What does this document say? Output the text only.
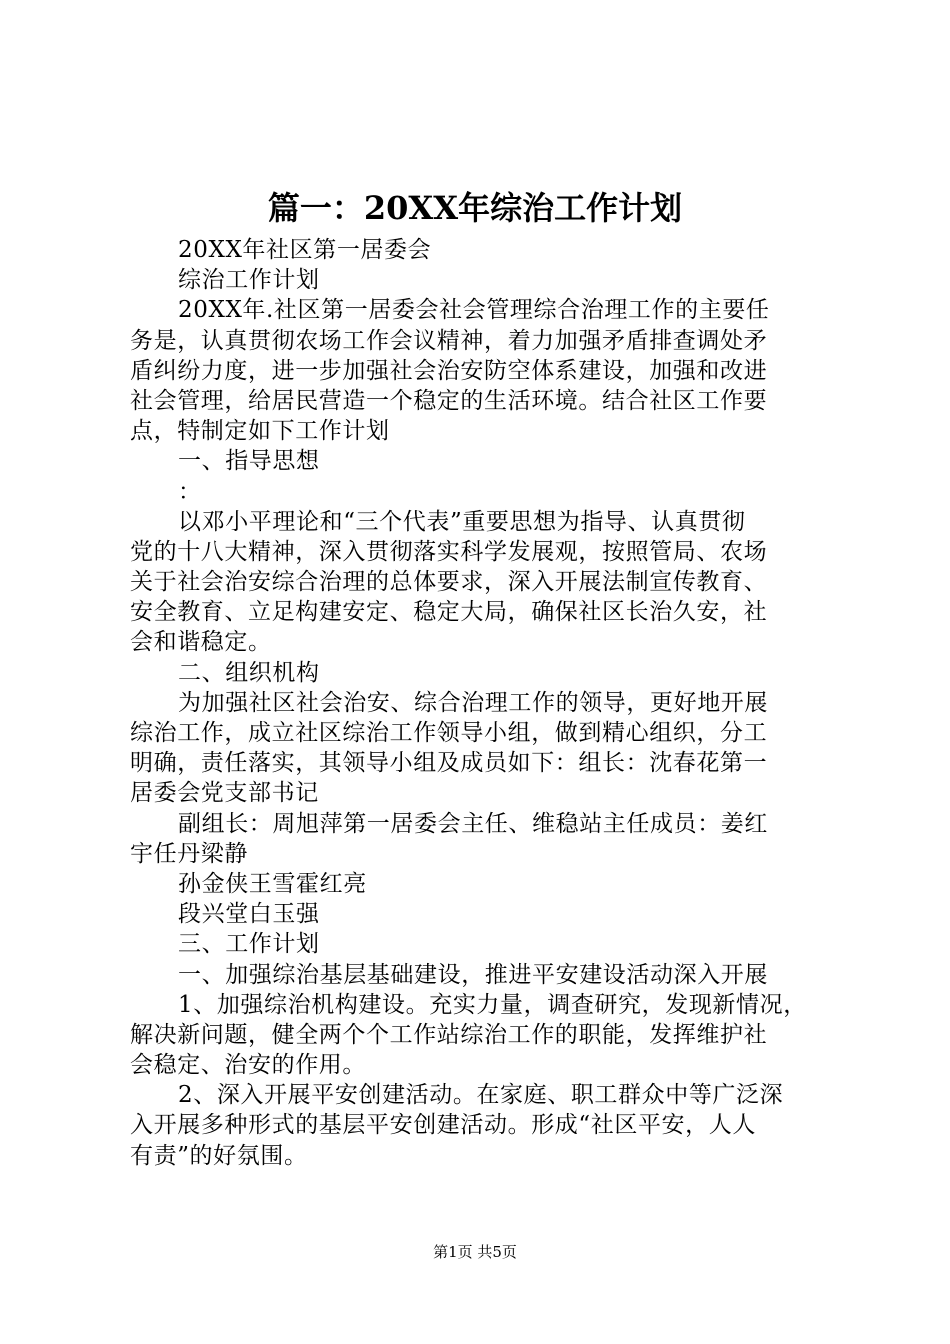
篇一：20XX年综治工作计划
20XX年社区第一居委会
综治工作计划
20XX年.社区第一居委会社会管理综合治理工作的主要任
务是，认真贯彻农场工作会议精神，着力加强矛盾排查调处矛
盾纠纷力度，进一步加强社会治安防空体系建设，加强和改进
社会管理，给居民营造一个稳定的生活环境。结合社区工作要
点，特制定如下工作计划
一、指导思想
：
以邓小平理论和“三个代表”重要思想为指导、认真贯彻
党的十八大精神，深入贯彻落实科学发展观，按照管局、农场
关于社会治安综合治理的总体要求，深入开展法制宣传教育、
安全教育、立足构建安定、稳定大局，确保社区长治久安，社
会和谐稳定。
二、组织机构
为加强社区社会治安、综合治理工作的领导，更好地开展
综治工作，成立社区综治工作领导小组，做到精心组织，分工
明确，责任落实，其领导小组及成员如下：组长：沈春花第一
居委会党支部书记
副组长：周旭萍第一居委会主任、维稳站主任成员：姜红
宇任丹梁静
孙金侠王雪霍红亮
段兴堂白玉强
三、工作计划
一、加强综治基层基础建设，推进平安建设活动深入开展
1、加强综治机构建设。充实力量，调查研究，发现新情况，
解决新问题，健全两个个工作站综治工作的职能，发挥维护社
会稳定、治安的作用。
2、深入开展平安创建活动。在家庭、职工群众中等广泛深
入开展多种形式的基层平安创建活动。形成“社区平安，人人
有责”的好氛围。
第1页 共5页
